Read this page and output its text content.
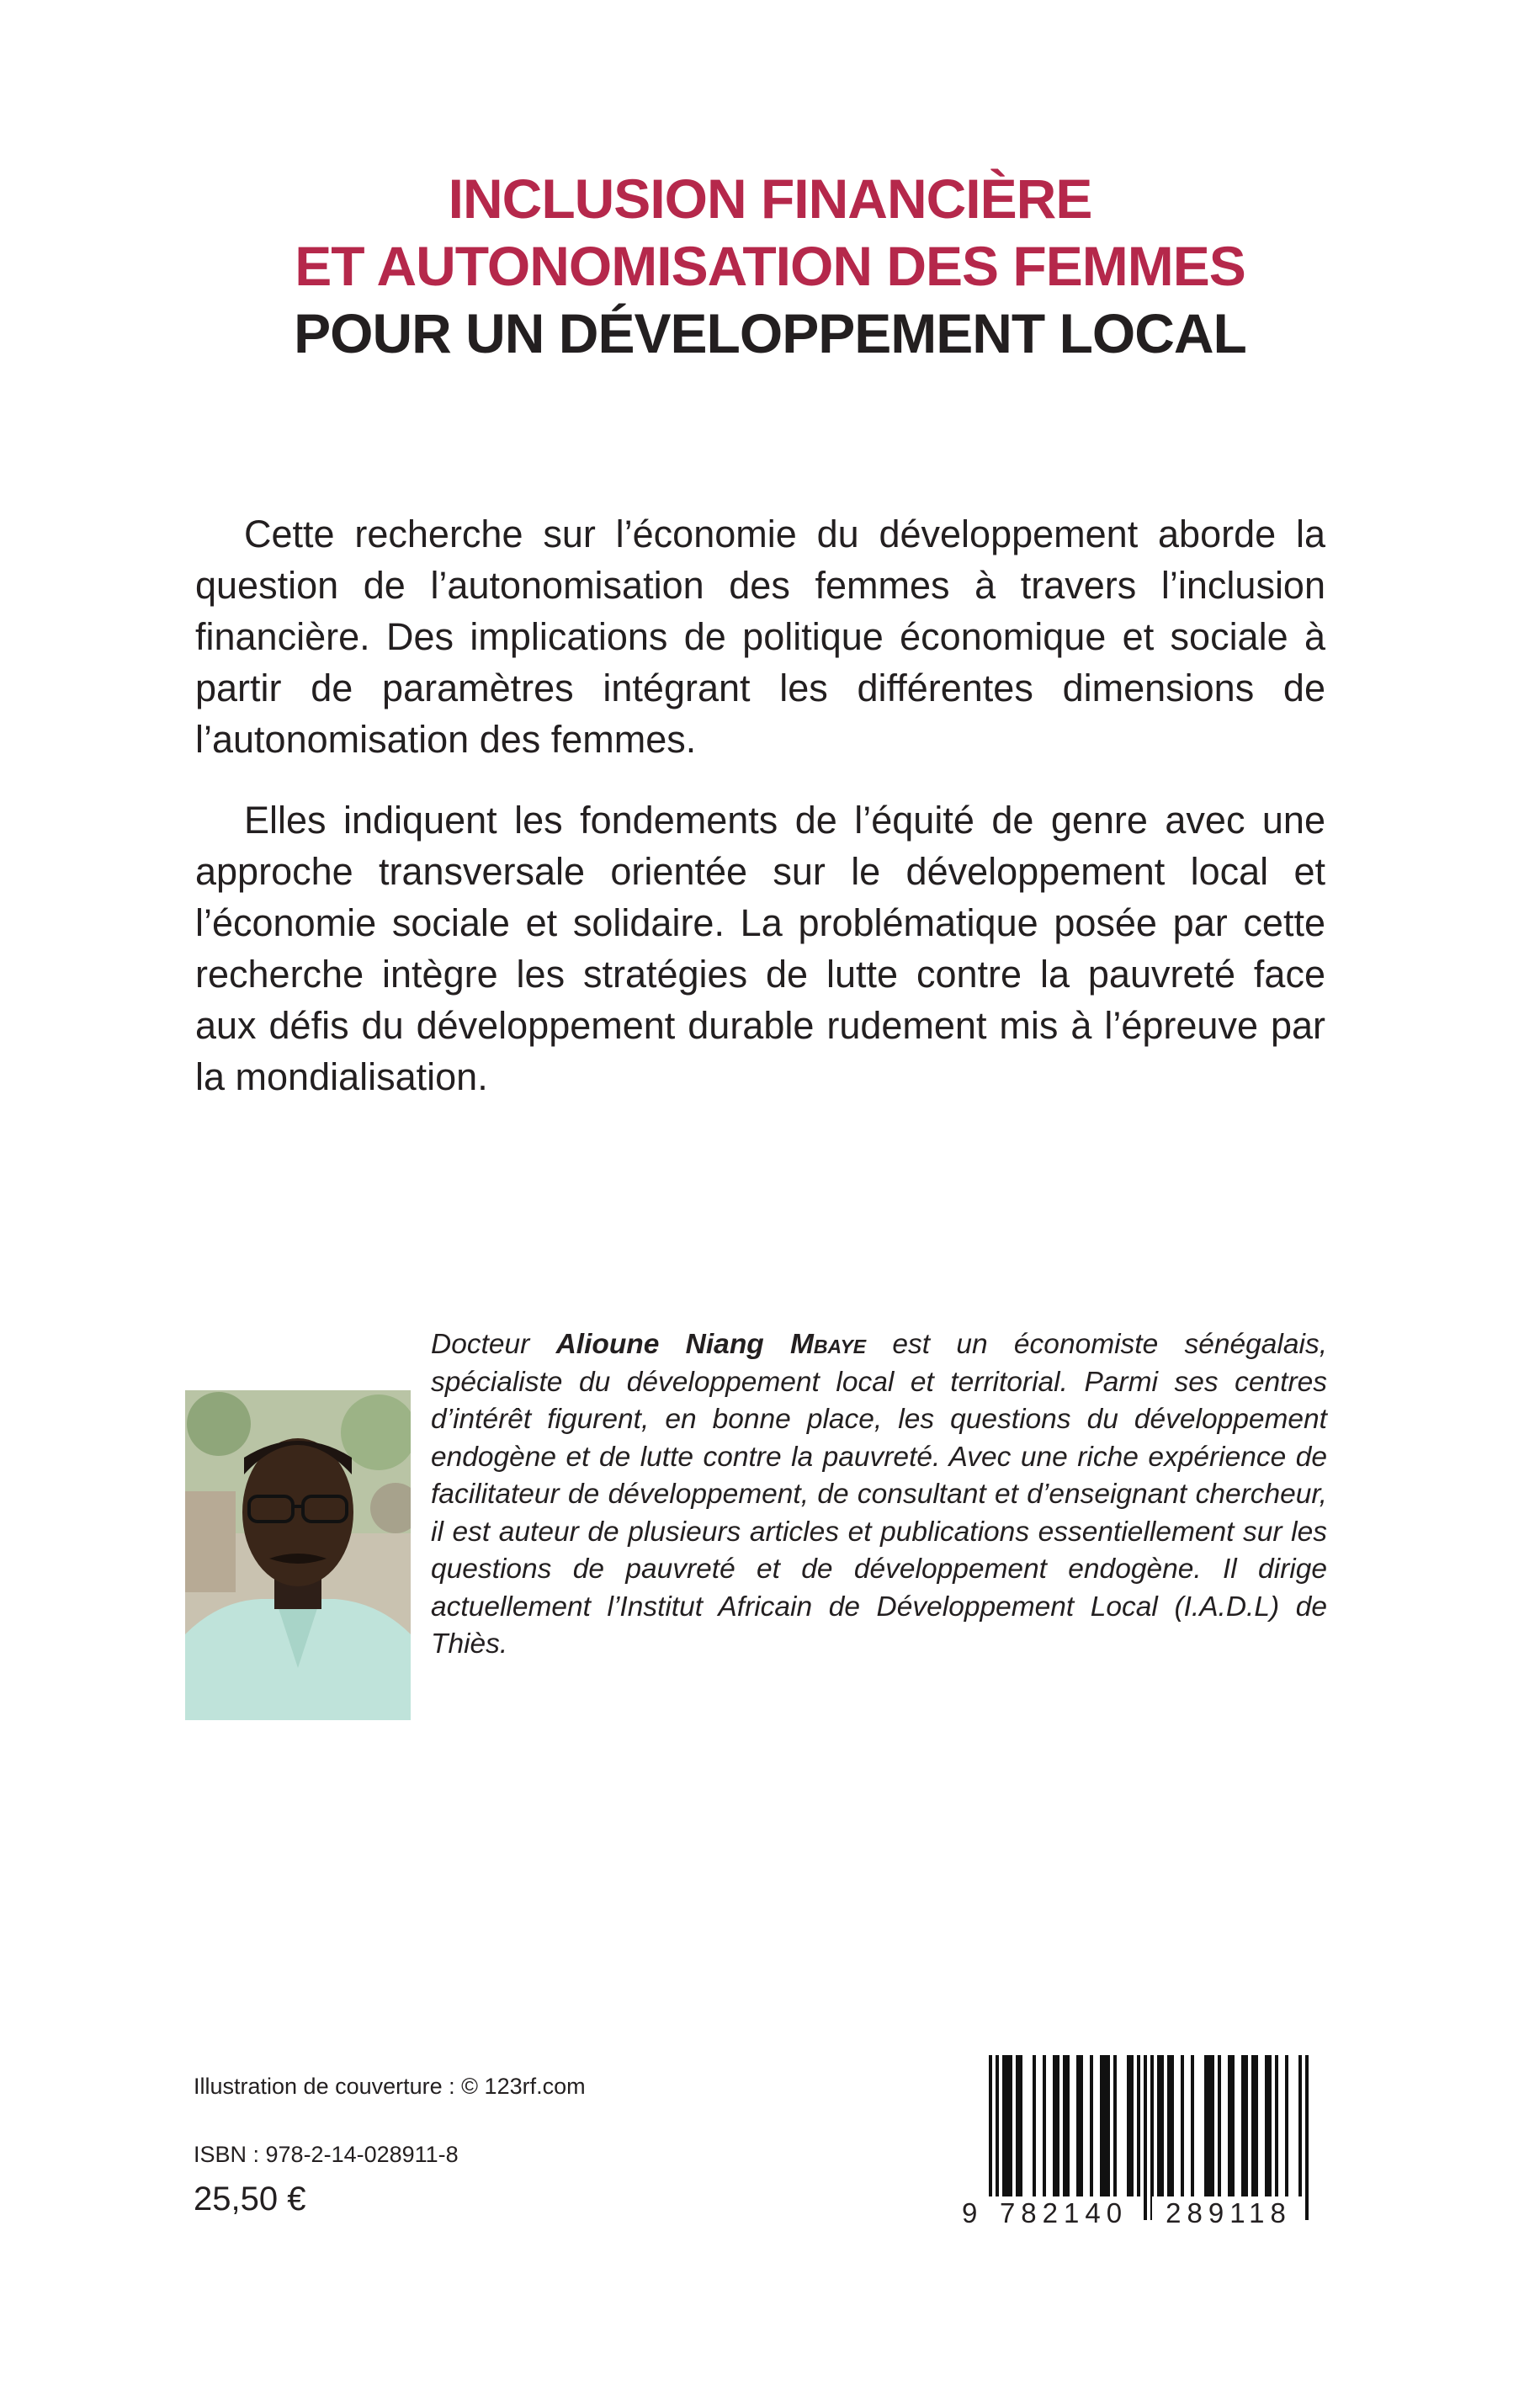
INCLUSION FINANCIÈRE
ET AUTONOMISATION DES FEMMES
POUR UN DÉVELOPPEMENT LOCAL

Cette recherche sur l’économie du développement aborde la question de l’autonomisation des femmes à travers l’inclusion financière. Des implications de politique économique et sociale à partir de paramètres intégrant les différentes dimensions de l’autonomisation des femmes.

Elles indiquent les fondements de l’équité de genre avec une approche transversale orientée sur le développement local et l’économie sociale et solidaire. La problématique posée par cette recherche intègre les stratégies de lutte contre la pauvreté face aux défis du développement durable rudement mis à l’épreuve par la mondialisation.

Docteur Alioune Niang Mbaye est un économiste sénégalais, spécialiste du développement local et territorial. Parmi ses centres d’intérêt figurent, en bonne place, les questions du développement endogène et de lutte contre la pauvreté. Avec une riche expérience de facilitateur de développement, de consultant et d’enseignant chercheur, il est auteur de plusieurs articles et publications essentiellement sur les questions de pauvreté et de développement endogène. Il dirige actuellement l’Institut Africain de Développement Local (I.A.D.L) de Thiès.
Illustration de couverture : © 123rf.com
ISBN : 978-2-14-028911-8
25,50 €	9 782140	289118
